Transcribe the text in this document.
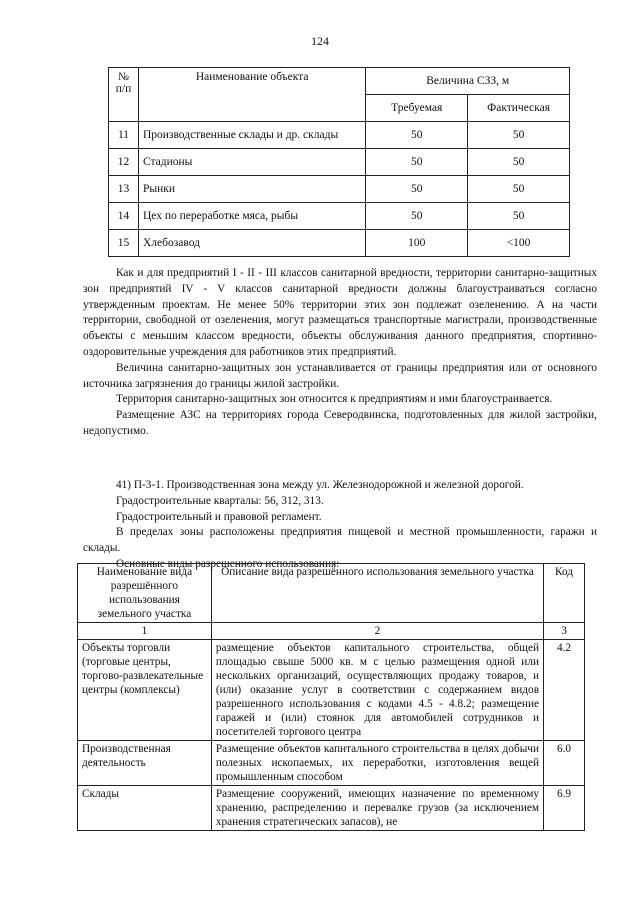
124
№ п/п	Наименование объекта	Величина СЗЗ, м	
		Требуемая	Фактическая
11	Производственные склады и др. склады	50	50
12	Стадионы	50	50
13	Рынки	50	50
14	Цех по переработке мяса, рыбы	50	50
15	Хлебозавод	100	<100
Как и для предприятий I - II - III классов санитарной вредности, территории санитарно-защитных зон предприятий IV - V классов санитарной вредности должны благоустраиваться согласно утвержденным проектам. Не менее 50% территории этих зон подлежат озеленению. А на части территории, свободной от озеленения, могут размещаться транспортные магистрали, производственные объекты с меньшим классом вредности, объекты обслуживания данного предприятия, спортивно-оздоровительные учреждения для работников этих предприятий.
Величина санитарно-защитных зон устанавливается от границы предприятия или от основного источника загрязнения до границы жилой застройки.
Территория санитарно-защитных зон относится к предприятиям и ими благоустраивается.
Размещение АЗС на территориях города Северодвинска, подготовленных для жилой застройки, недопустимо.
41) П-3-1. Производственная зона между ул. Железнодорожной и железной дорогой.
Градостроительные кварталы: 56, 312, 313.
Градостроительный и правовой регламент.
В пределах зоны расположены предприятия пищевой и местной промышленности, гаражи и склады.
Основные виды разрешенного использования:
Наименование вида разрешённого использования земельного участка	Описание вида разрешённого использования земельного участка	Код
1	2	3
Объекты торговли (торговые центры, торгово-развлекательные центры (комплексы)	размещение объектов капитального строительства, общей площадью свыше 5000 кв. м с целью размещения одной или нескольких организаций, осуществляющих продажу товаров, и (или) оказание услуг в соответствии с содержанием видов разрешенного использования с кодами 4.5 - 4.8.2; размещение гаражей и (или) стоянок для автомобилей сотрудников и посетителей торгового центра	4.2
Производственная деятельность	Размещение объектов капитального строительства в целях добычи полезных ископаемых, их переработки, изготовления вещей промышленным способом	6.0
Склады	Размещение сооружений, имеющих назначение по временному хранению, распределению и перевалке грузов (за исключением хранения стратегических запасов), не	6.9
